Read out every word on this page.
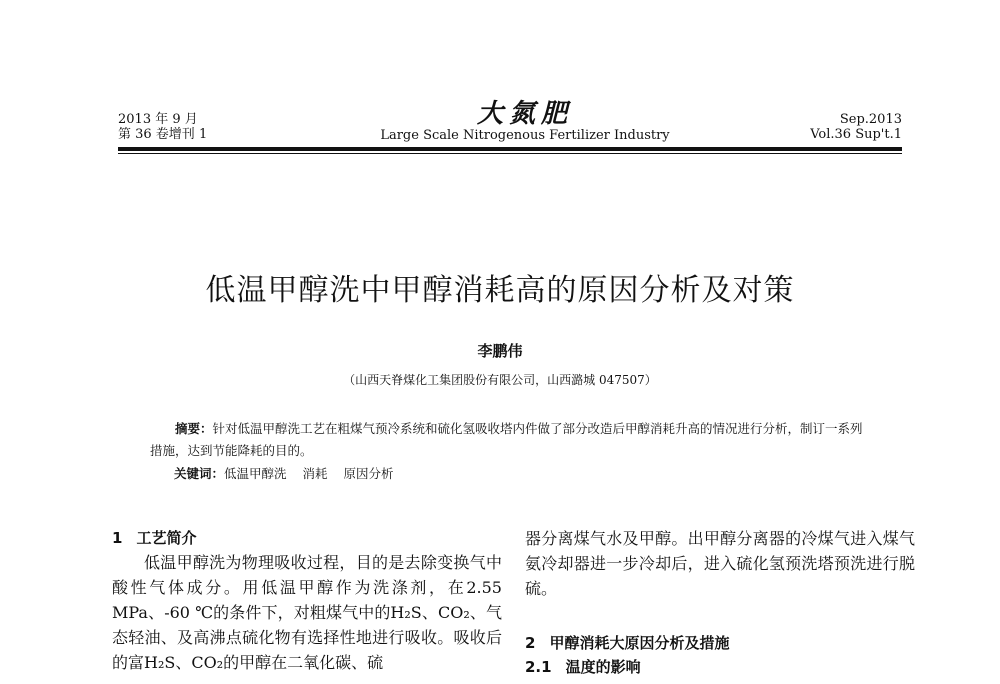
2013 年 9 月
第 36 卷增刊 1
大氮肥
Large Scale Nitrogenous Fertilizer Industry
Sep.2013
Vol.36 Sup't.1
低温甲醇洗中甲醇消耗高的原因分析及对策
李鹏伟
（山西天脊煤化工集团股份有限公司，山西潞城 047507）
摘要：针对低温甲醇洗工艺在粗煤气预冷系统和硫化氢吸收塔内件做了部分改造后甲醇消耗升高的情况进行分析，制订一系列措施，达到节能降耗的目的。
关键词：低温甲醇洗 消耗 原因分析
1 工艺简介

低温甲醇洗为物理吸收过程，目的是去除变换气中酸性气体成分。用低温甲醇作为洗涤剂，在2.55 MPa、-60 ℃的条件下，对粗煤气中的H₂S、CO₂、气态轻油、及高沸点硫化物有选择性地进行吸收。吸收后的富H₂S、CO₂的甲醇在二氧化碳、硫

器分离煤气水及甲醇。出甲醇分离器的冷煤气进入煤气氨冷却器进一步冷却后，进入硫化氢预洗塔预洗进行脱硫。

2 甲醇消耗大原因分析及措施
2.1 温度的影响
